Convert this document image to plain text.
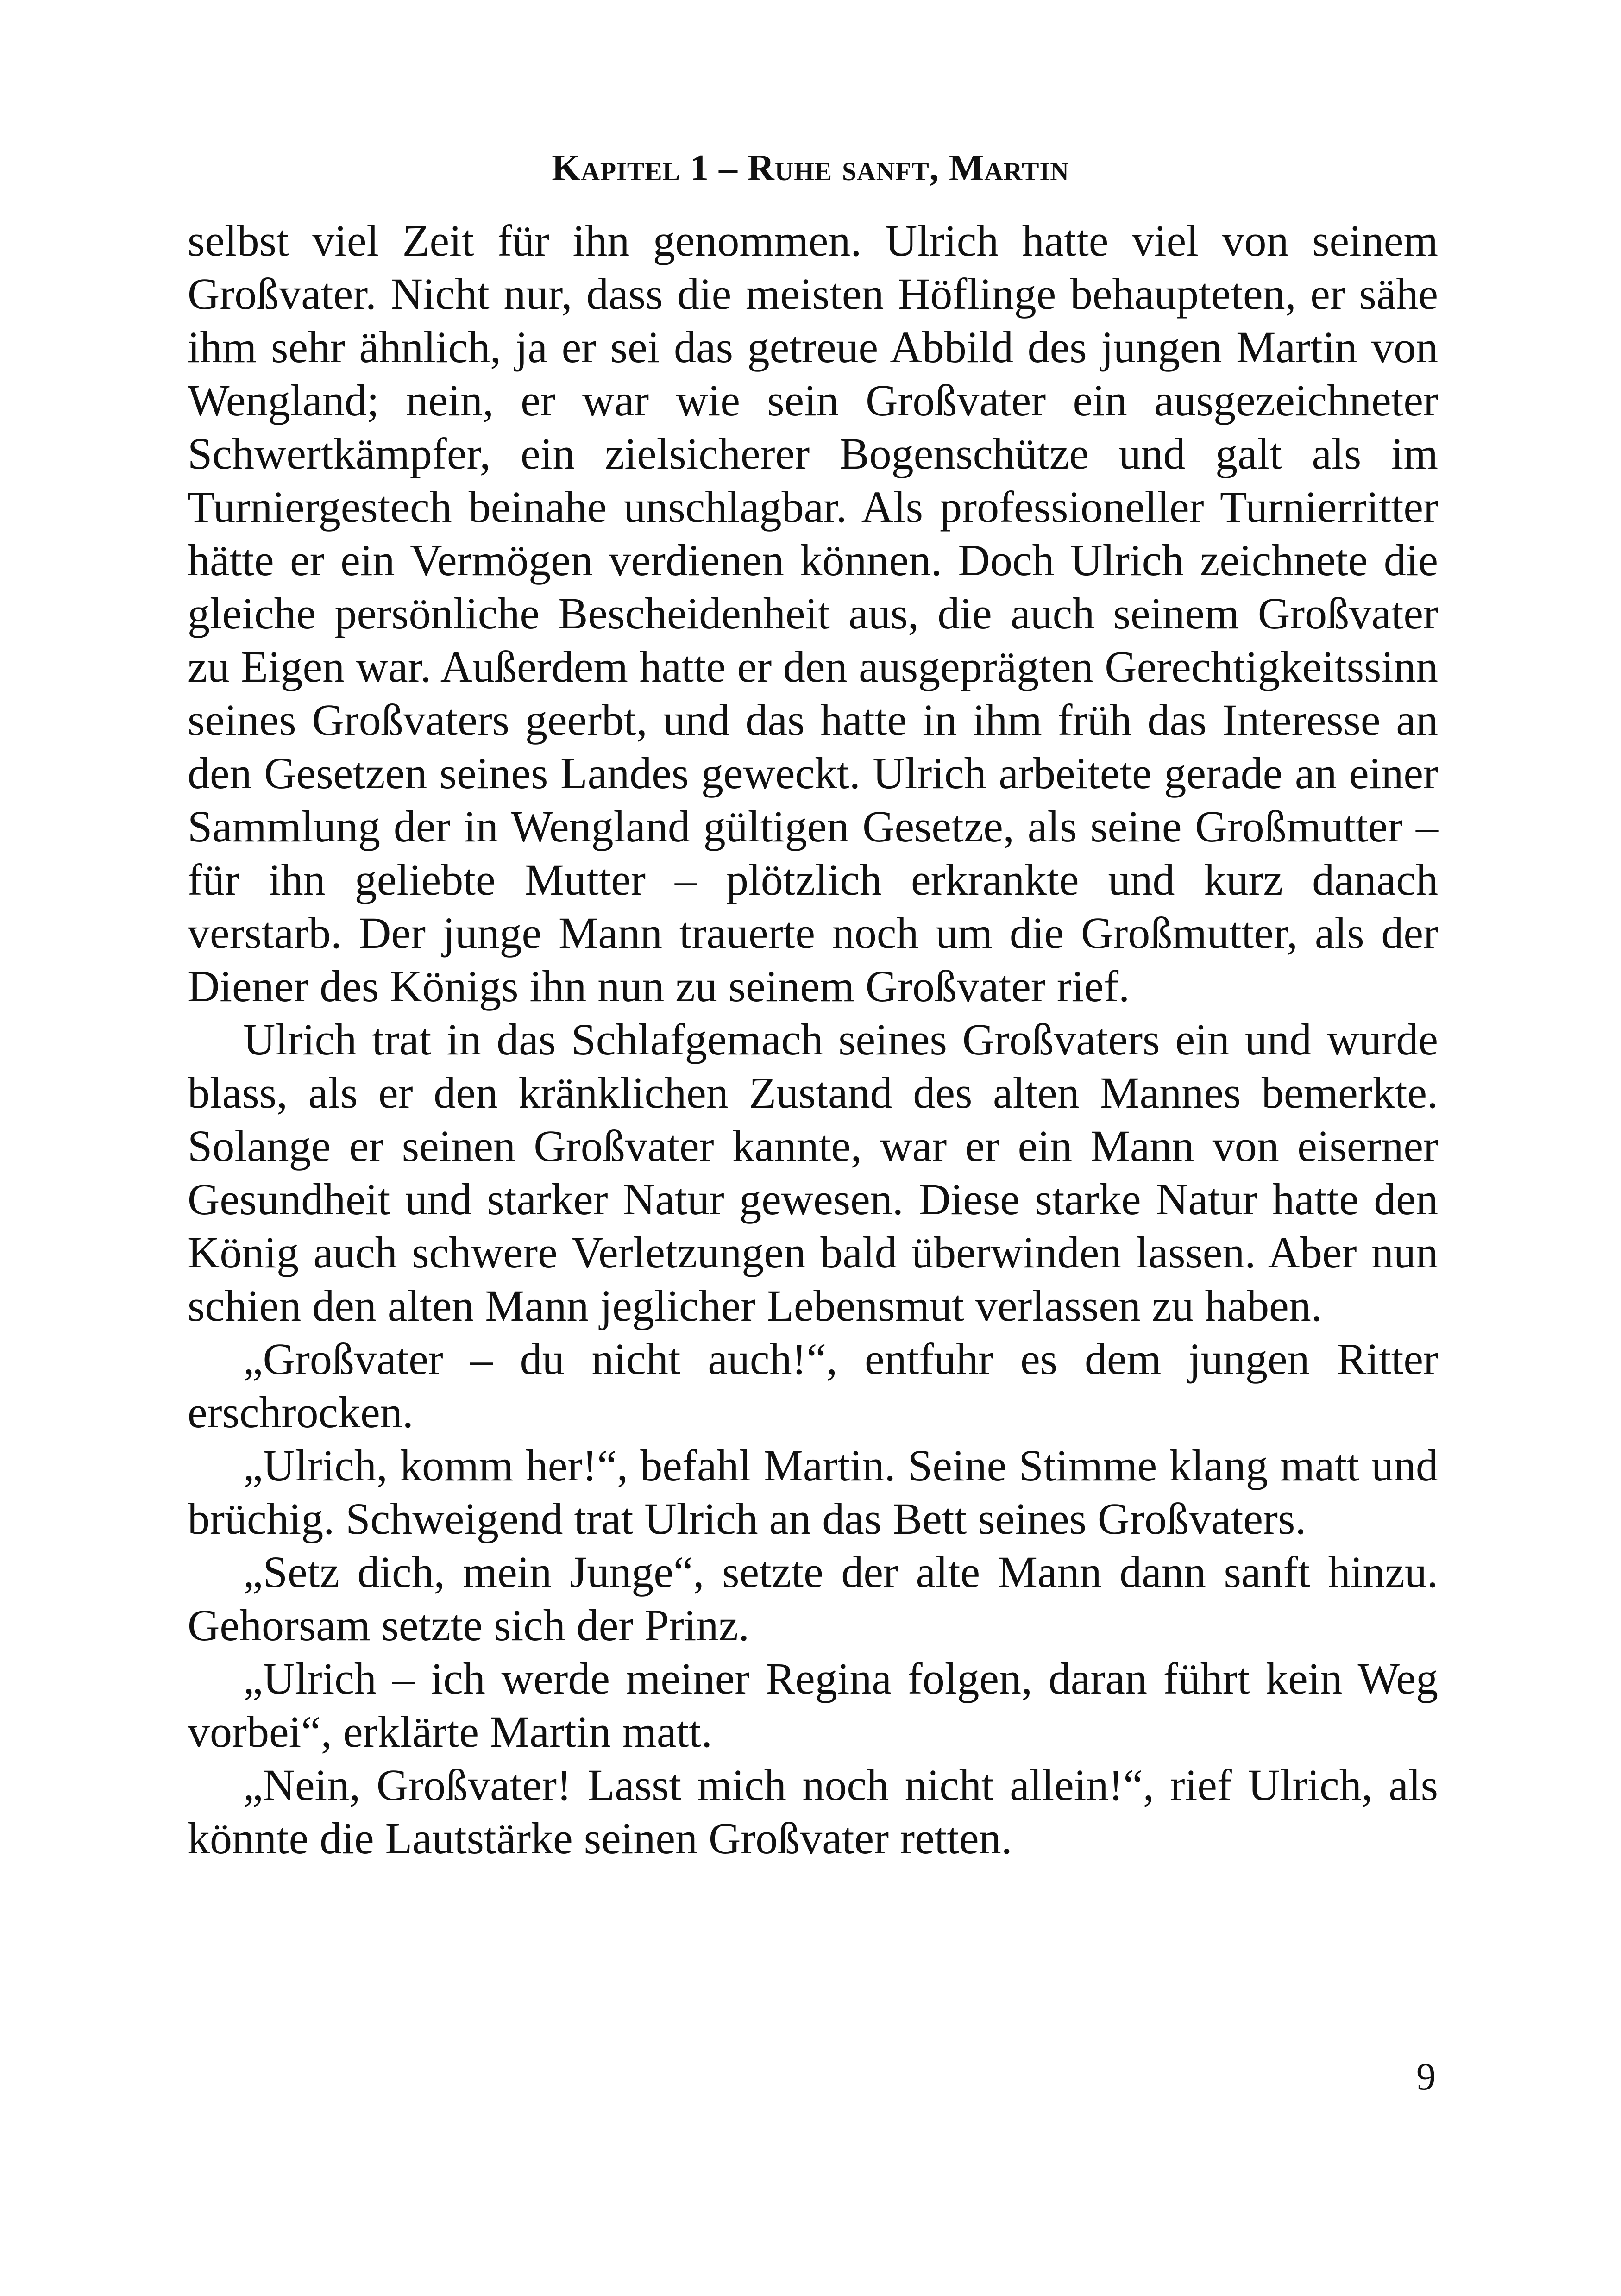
Kapitel 1 – Ruhe sanft, Martin

selbst viel Zeit für ihn genommen. Ulrich hatte viel von seinem Großvater. Nicht nur, dass die meisten Höflinge behaupteten, er sähe ihm sehr ähnlich, ja er sei das getreue Abbild des jungen Martin von Wengland; nein, er war wie sein Großvater ein ausgezeichneter Schwertkämpfer, ein zielsicherer Bogenschütze und galt als im Turniergestech beinahe unschlagbar. Als professioneller Turnierritter hätte er ein Vermögen verdienen können. Doch Ulrich zeichnete die gleiche persönliche Bescheidenheit aus, die auch seinem Großvater zu Eigen war. Außerdem hatte er den ausgeprägten Gerechtigkeitssinn seines Großvaters geerbt, und das hatte in ihm früh das Interesse an den Gesetzen seines Landes geweckt. Ulrich arbeitete gerade an einer Sammlung der in Wengland gültigen Gesetze, als seine Großmutter – für ihn geliebte Mutter – plötzlich erkrankte und kurz danach verstarb. Der junge Mann trauerte noch um die Großmutter, als der Diener des Königs ihn nun zu seinem Großvater rief.

Ulrich trat in das Schlafgemach seines Großvaters ein und wurde blass, als er den kränklichen Zustand des alten Mannes bemerkte. Solange er seinen Großvater kannte, war er ein Mann von eiserner Gesundheit und starker Natur gewesen. Diese starke Natur hatte den König auch schwere Verletzungen bald überwinden lassen. Aber nun schien den alten Mann jeglicher Lebensmut verlassen zu haben.

„Großvater – du nicht auch!“, entfuhr es dem jungen Ritter erschrocken.

„Ulrich, komm her!“, befahl Martin. Seine Stimme klang matt und brüchig. Schweigend trat Ulrich an das Bett seines Großvaters.

„Setz dich, mein Junge“, setzte der alte Mann dann sanft hinzu. Gehorsam setzte sich der Prinz.

„Ulrich – ich werde meiner Regina folgen, daran führt kein Weg vorbei“, erklärte Martin matt.

„Nein, Großvater! Lasst mich noch nicht allein!“, rief Ulrich, als könnte die Lautstärke seinen Großvater retten.

9
